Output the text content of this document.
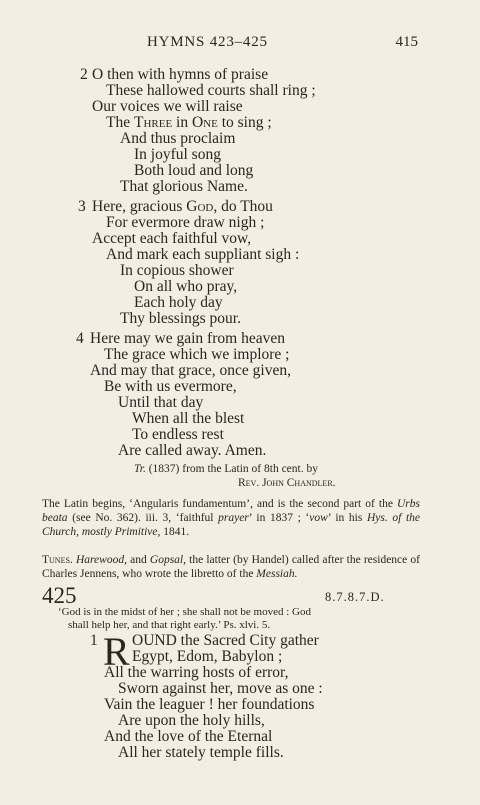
HYMNS 423–425	415
2 O then with hymns of praise
These hallowed courts shall ring ;
Our voices we will raise
The Three in One to sing ;
And thus proclaim
In joyful song
Both loud and long
That glorious Name.
3 Here, gracious God, do Thou
For evermore draw nigh ;
Accept each faithful vow,
And mark each suppliant sigh :
In copious shower
On all who pray,
Each holy day
Thy blessings pour.
4 Here may we gain from heaven
The grace which we implore ;
And may that grace, once given,
Be with us evermore,
Until that day
When all the blest
To endless rest
Are called away. Amen.
Tr. (1837) from the Latin of 8th cent. by
Rev. John Chandler.
The Latin begins, ‘Angularis fundamentum’, and is the second part of the Urbs beata (see No. 362). iii. 3, ‘faithful prayer’ in 1837 ; ‘vow’ in his Hys. of the Church, mostly Primitive, 1841.
Tunes. Harewood, and Gopsal, the latter (by Handel) called after the residence of Charles Jennens, who wrote the libretto of the Messiah.
425	8.7.8.7.D.
‘God is in the midst of her ; she shall not be moved : God
shall help her, and that right early.’ Ps. xlvi. 5.
1 R OUND the Sacred City gather
Egypt, Edom, Babylon ;
All the warring hosts of error,
Sworn against her, move as one :
Vain the leaguer ! her foundations
Are upon the holy hills,
And the love of the Eternal
All her stately temple fills.
